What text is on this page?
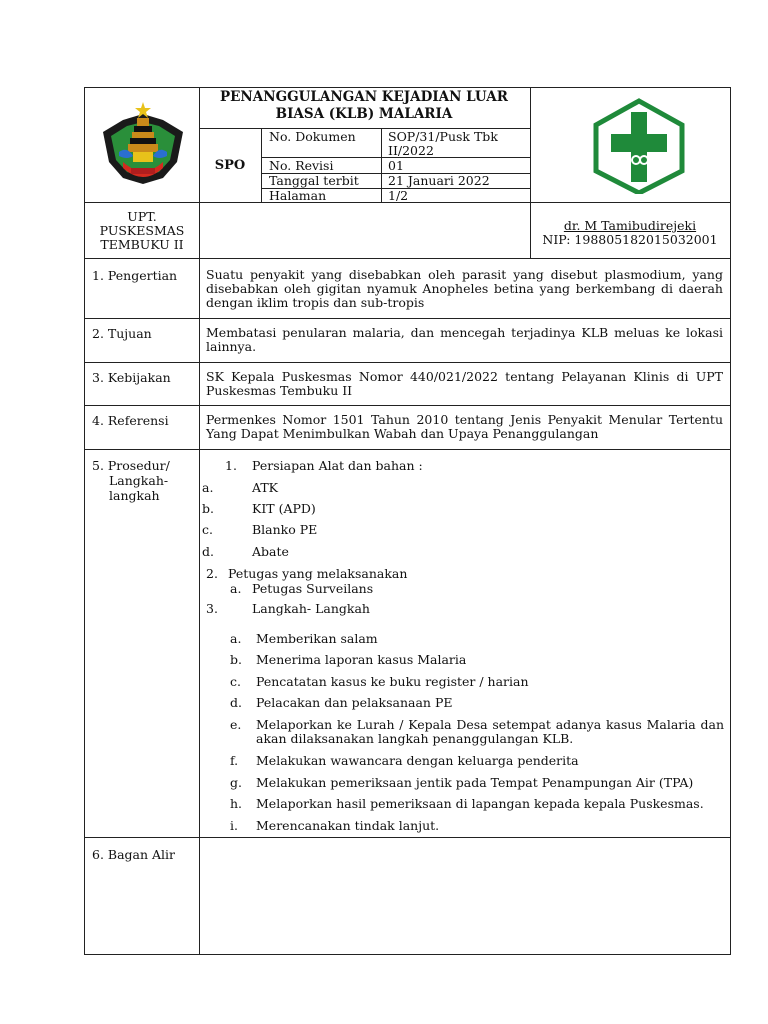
PENANGGULANGAN KEJADIAN LUAR BIASA (KLB) MALARIA
SPO
No. Dokumen	SOP/31/Pusk Tbk II/2022
No. Revisi	01
Tanggal terbit 21 Januari 2022
Halaman	1/2
UPT.
PUSKESMAS
TEMBUKU II
dr. M Tamibudirejeki
NIP: 198805182015032001
1. Pengertian Suatu penyakit yang disebabkan oleh parasit yang disebut plasmodium, yang disebabkan oleh gigitan nyamuk Anopheles betina yang berkembang di daerah dengan iklim tropis dan sub-tropis
2. Tujuan	Membatasi penularan malaria, dan mencegah terjadinya KLB meluas ke lokasi lainnya.
3. Kebijakan	SK Kepala Puskesmas Nomor 440/021/2022 tentang Pelayanan Klinis di UPT Puskesmas Tembuku II
4. Referensi	Permenkes Nomor 1501 Tahun 2010 tentang Jenis Penyakit Menular Tertentu Yang Dapat Menimbulkan Wabah dan Upaya Penanggulangan
5. Prosedur/
Langkah-
langkah
1. Persiapan Alat dan bahan :
a.	ATK
b.	KIT (APD)
c.	Blanko PE
d.	Abate
2. Petugas yang melaksanakan
a. Petugas Surveilans
3.	Langkah- Langkah
a. Memberikan salam
b. Menerima laporan kasus Malaria
c. Pencatatan kasus ke buku register / harian
d. Pelacakan dan pelaksanaan PE
e. Melaporkan ke Lurah / Kepala Desa setempat adanya kasus Malaria dan akan dilaksanakan langkah penanggulangan KLB.
f. Melakukan wawancara dengan keluarga penderita
g. Melakukan pemeriksaan jentik pada Tempat Penampungan Air (TPA)
h. Melaporkan hasil pemeriksaan di lapangan kepada kepala Puskesmas.
i. Merencanakan tindak lanjut.
6. Bagan Alir
